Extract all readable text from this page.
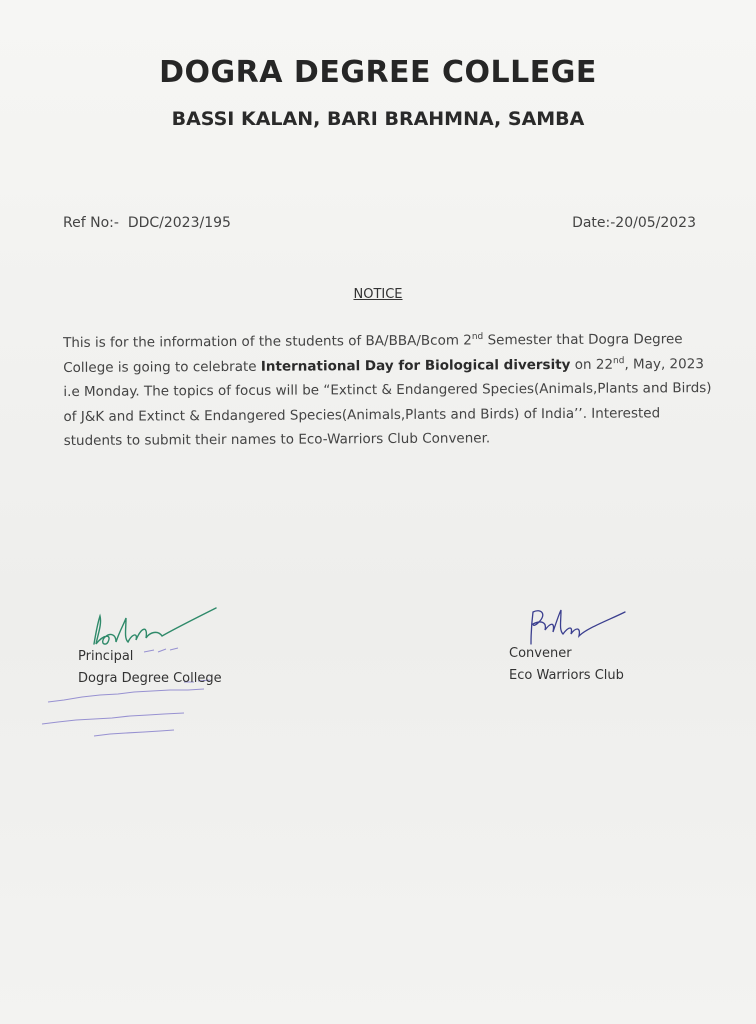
DOGRA DEGREE COLLEGE
BASSI KALAN, BARI BRAHMNA, SAMBA
Ref No:- DDC/2023/195	Date:-20/05/2023
NOTICE
This is for the information of the students of BA/BBA/Bcom 2nd Semester that Dogra Degree College is going to celebrate International Day for Biological diversity on 22nd, May, 2023 i.e Monday. The topics of focus will be “Extinct & Endangered Species(Animals,Plants and Birds) of J&K and Extinct & Endangered Species(Animals,Plants and Birds) of India’’. Interested students to submit their names to Eco-Warriors Club Convener.
Principal
Dogra Degree College
Convener
Eco Warriors Club
